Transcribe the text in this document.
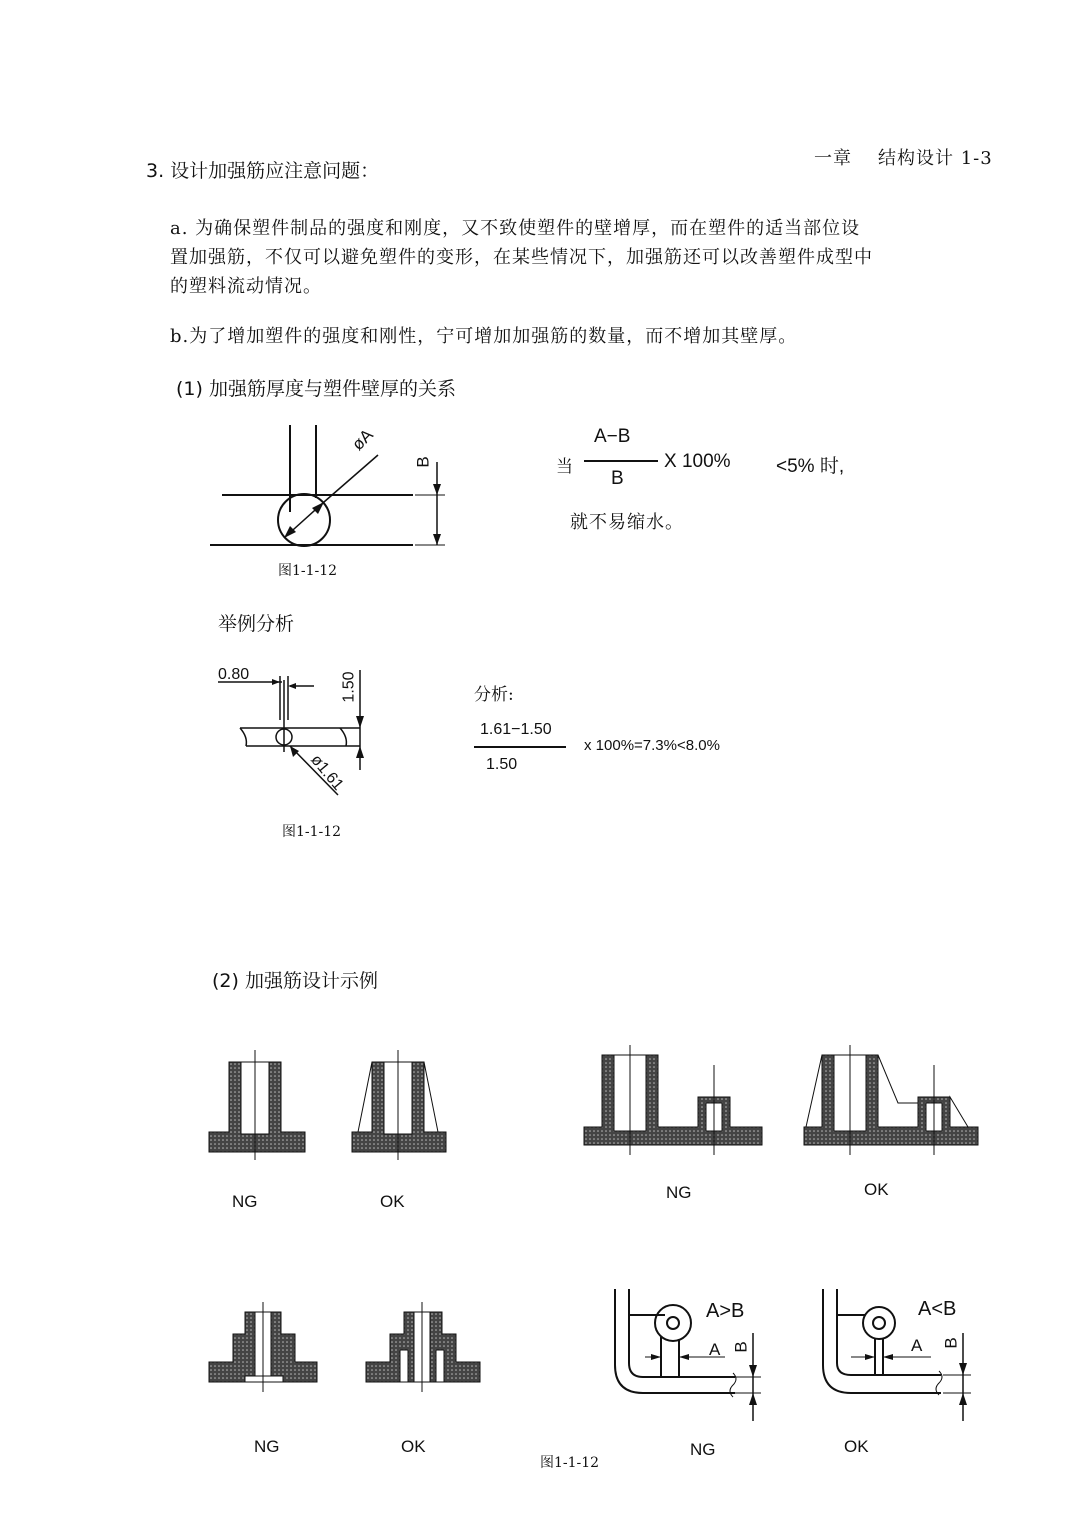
一章 结构设计 1-3
3. 设计加强筋应注意问题：
a. 为确保塑件制品的强度和刚度，又不致使塑件的壁增厚，而在塑件的适当部位设
置加强筋，不仅可以避免塑件的变形，在某些情况下，加强筋还可以改善塑件成型中
的塑料流动情况。
b.为了增加塑件的强度和刚性，宁可增加加强筋的数量，而不增加其壁厚。
(1) 加强筋厚度与塑件壁厚的关系
øA
B
图1-1-12
当
A−B
B
X 100% <5% 时,
就不易缩水。
举例分析
0.80	1.50
ø1.61
图1-1-12
分析:
1.61−1.50
1.50
x 100%=7.3%<8.0%
(2) 加强筋设计示例
NG	OK	NG	OK
NG	OK
A>B	A<B
A	A
B	B
NG	OK
图1-1-12
